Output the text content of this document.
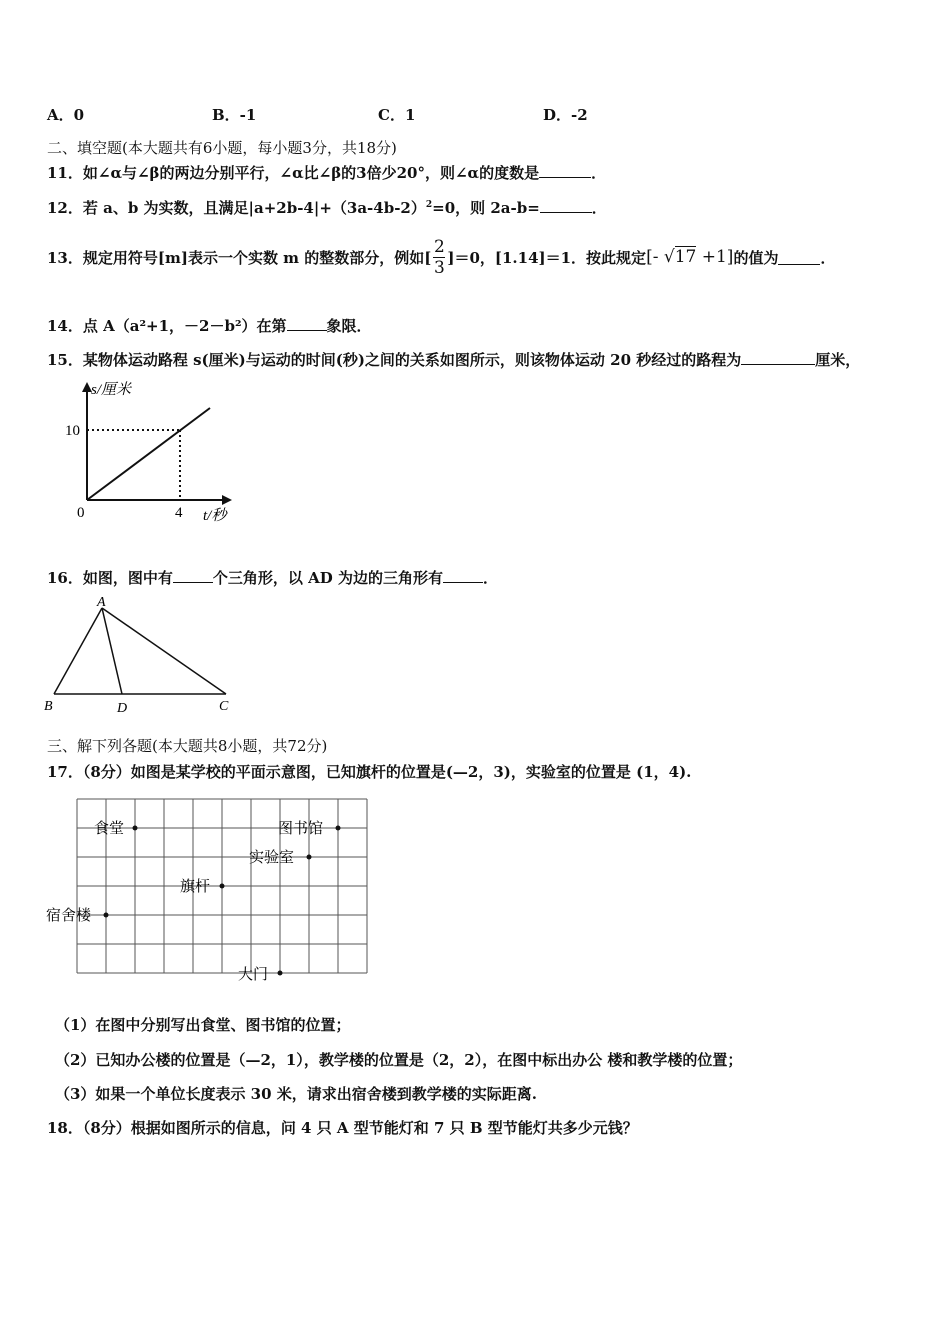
A．0	B．-1	C．1	D．-2
二、填空题(本大题共有6小题，每小题3分，共18分)
11．如∠α与∠β的两边分别平行，∠α比∠β的3倍少20°，则∠α的度数是	．
12．若 a、b 为实数，且满足$|a+2b-4|+(3a-4b-2)^2=0$，则 2a-b=	．
13．规定用符号[m]表示一个实数 m 的整数部分，例如[ $\frac{2}{3} ]=0$，[1.14]＝1．按此规定 [- √17 +1] 的值为	．
14．点 A（a²+1，－2－b²）在第	象限．
15．某物体运动路程 s(厘米)与运动的时间(秒)之间的关系如图所示，则该物体运动 20 秒经过的路程为	厘米，
s/厘米
t/秒
10
0	4
16．如图，图中有	个三角形，以 AD 为边的三角形有	．
A
B	D	C
三、解下列各题(本大题共8小题，共72分)
17．（8分）如图是某学校的平面示意图，已知旗杆的位置是(—2，3)，实验室的位置是 (1，4).
食堂	图书馆
实验室
旗杆
宿舍楼
大门
（1）在图中分别写出食堂、图书馆的位置；
（2）已知办公楼的位置是（—2，1），教学楼的位置是（2，2），在图中标出办公 楼和教学楼的位置；
（3）如果一个单位长度表示 30 米，请求出宿舍楼到教学楼的实际距离.
18．（8分）根据如图所示的信息，问 4 只 A 型节能灯和 7 只 B 型节能灯共多少元钱？
